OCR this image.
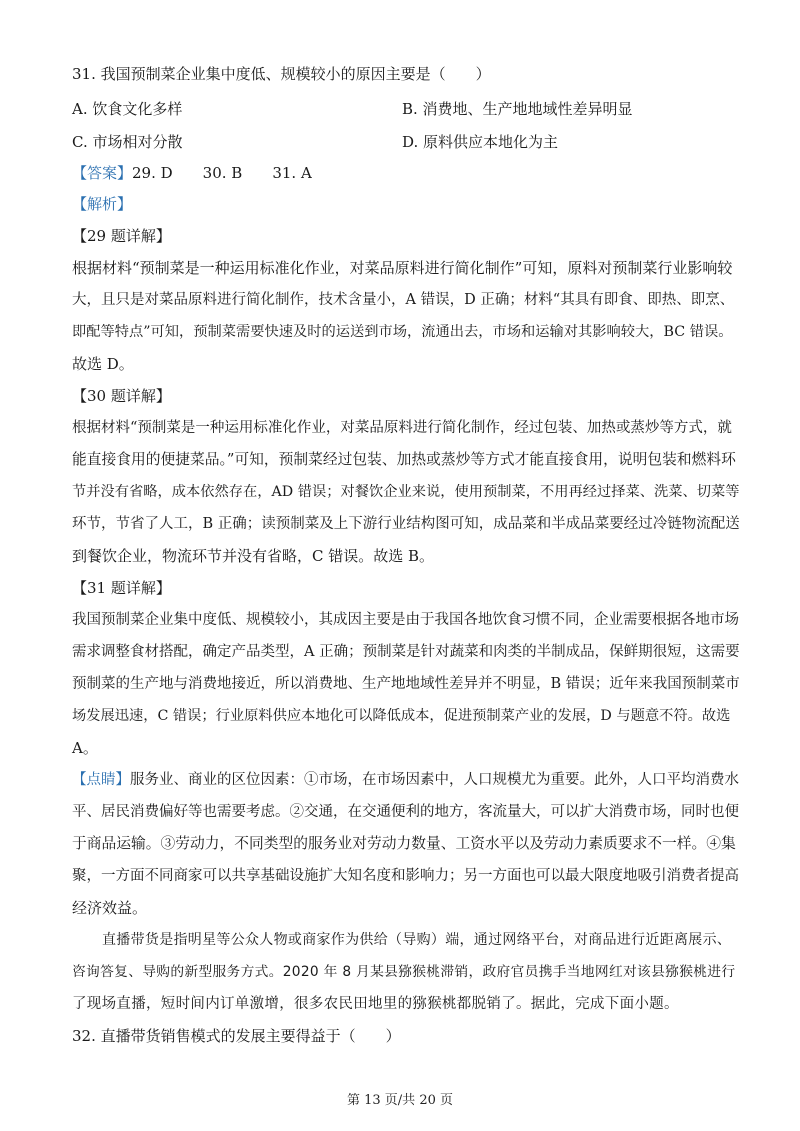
31. 我国预制菜企业集中度低、规模较小的原因主要是（　　）
A. 饮食文化多样	B. 消费地、生产地地域性差异明显
C. 市场相对分散	D. 原料供应本地化为主
【答案】29. D 30. B 31. A
【解析】
【29 题详解】
根据材料“预制菜是一种运用标准化作业，对菜品原料进行简化制作”可知，原料对预制菜行业影响较
大，且只是对菜品原料进行简化制作，技术含量小，A 错误，D 正确；材料“其具有即食、即热、即烹、
即配等特点”可知，预制菜需要快速及时的运送到市场，流通出去，市场和运输对其影响较大，BC 错误。
故选 D。
【30 题详解】
根据材料“预制菜是一种运用标准化作业，对菜品原料进行简化制作，经过包装、加热或蒸炒等方式，就
能直接食用的便捷菜品。”可知，预制菜经过包装、加热或蒸炒等方式才能直接食用，说明包装和燃料环
节并没有省略，成本依然存在，AD 错误；对餐饮企业来说，使用预制菜，不用再经过择菜、洗菜、切菜等
环节，节省了人工，B 正确；读预制菜及上下游行业结构图可知，成品菜和半成品菜要经过冷链物流配送
到餐饮企业，物流环节并没有省略，C 错误。故选 B。
【31 题详解】
我国预制菜企业集中度低、规模较小，其成因主要是由于我国各地饮食习惯不同，企业需要根据各地市场
需求调整食材搭配，确定产品类型，A 正确；预制菜是针对蔬菜和肉类的半制成品，保鲜期很短，这需要
预制菜的生产地与消费地接近，所以消费地、生产地地域性差异并不明显，B 错误；近年来我国预制菜市
场发展迅速，C 错误；行业原料供应本地化可以降低成本，促进预制菜产业的发展，D 与题意不符。故选
A。
【点睛】服务业、商业的区位因素：①市场，在市场因素中，人口规模尤为重要。此外，人口平均消费水
平、居民消费偏好等也需要考虑。②交通，在交通便利的地方，客流量大，可以扩大消费市场，同时也便
于商品运输。③劳动力，不同类型的服务业对劳动力数量、工资水平以及劳动力素质要求不一样。④集
聚，一方面不同商家可以共享基础设施扩大知名度和影响力；另一方面也可以最大限度地吸引消费者提高
经济效益。
直播带货是指明星等公众人物或商家作为供给（导购）端，通过网络平台，对商品进行近距离展示、
咨询答复、导购的新型服务方式。2020 年 8 月某县猕猴桃滞销，政府官员携手当地网红对该县猕猴桃进行
了现场直播，短时间内订单激增，很多农民田地里的猕猴桃都脱销了。据此，完成下面小题。
32. 直播带货销售模式的发展主要得益于（　　）
第 13 页/共 20 页
